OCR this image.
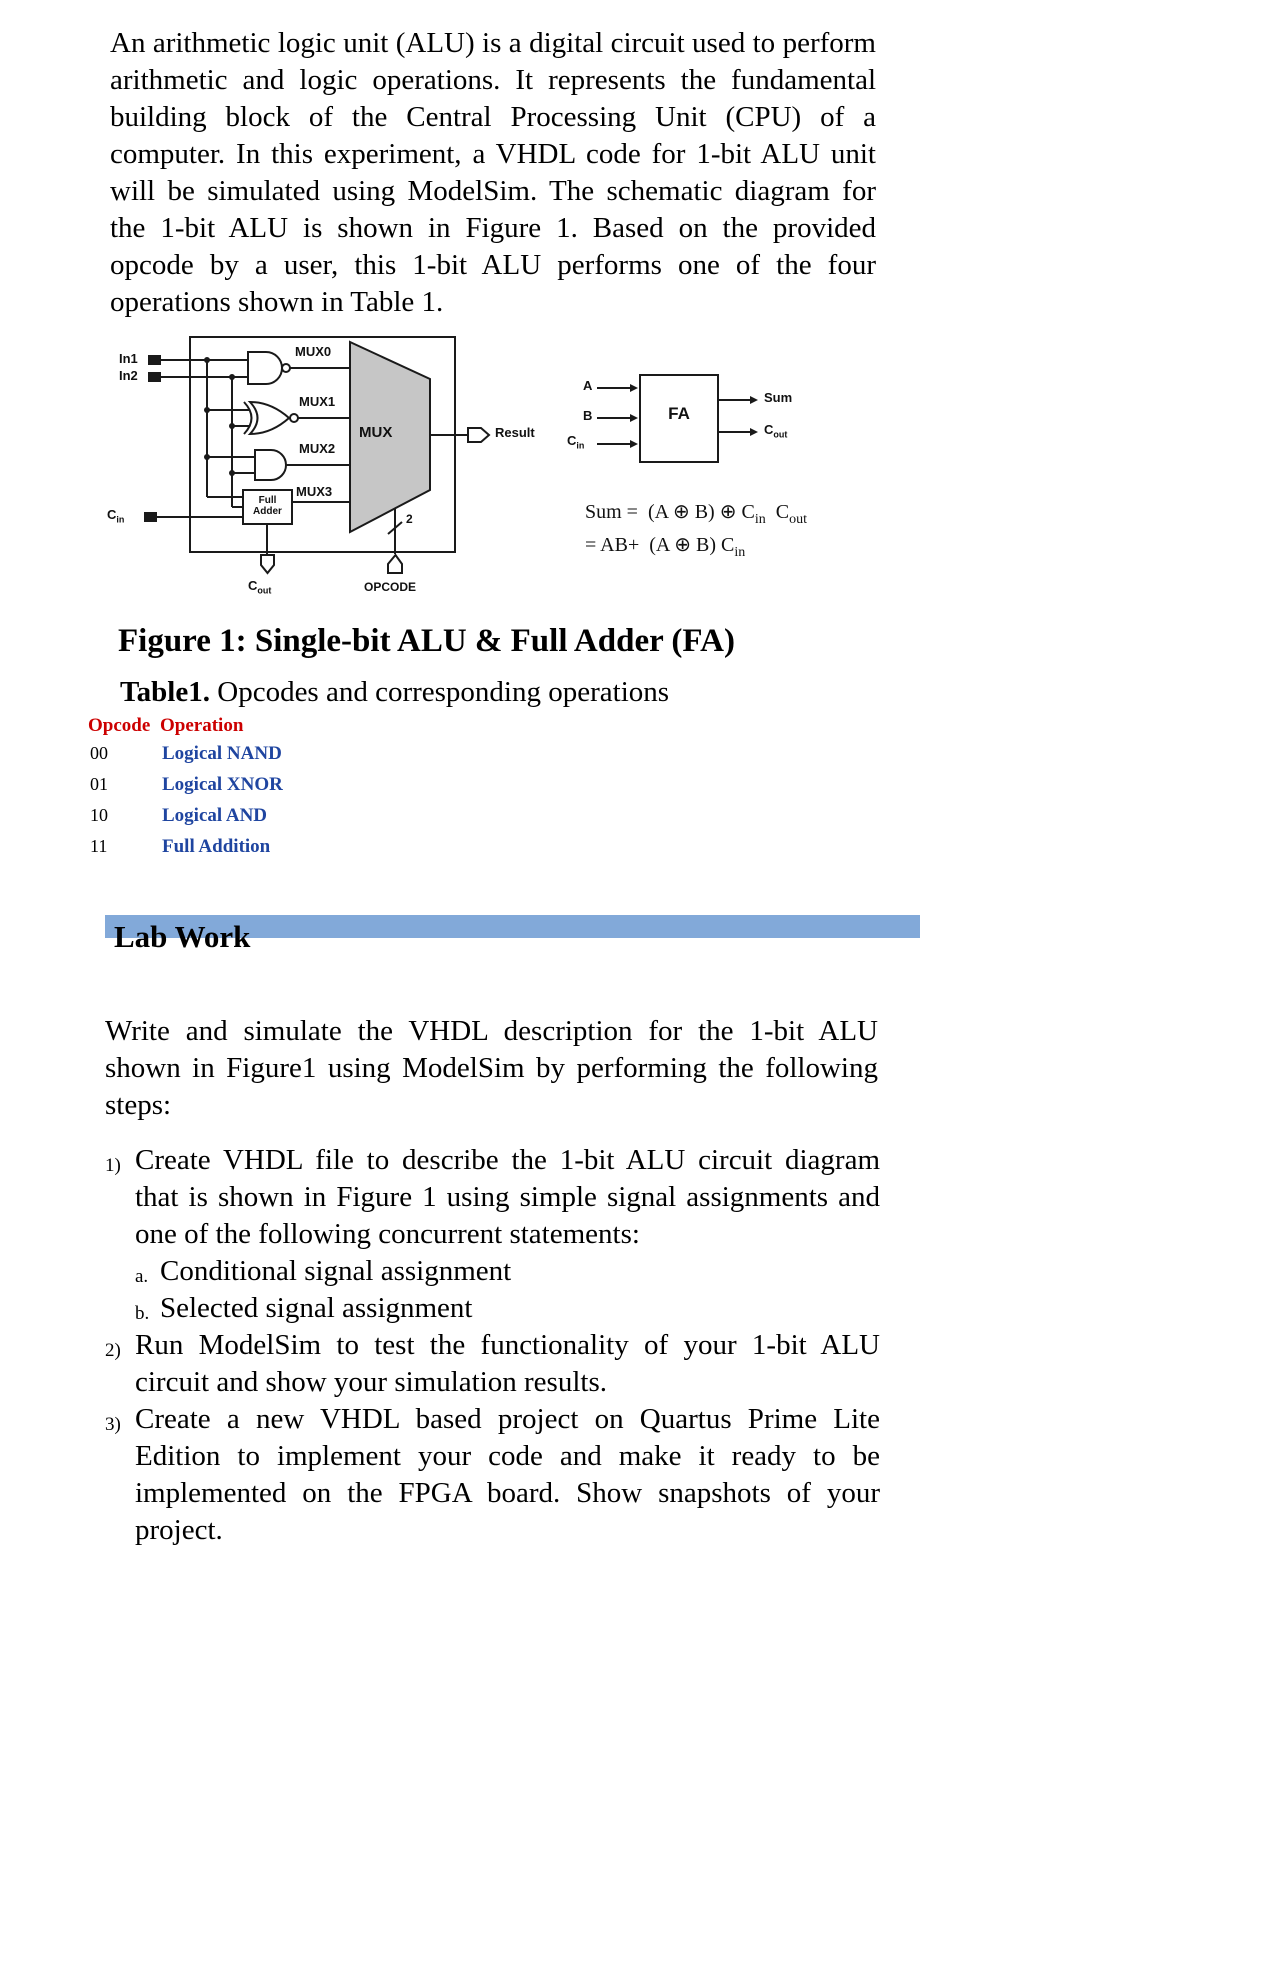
An arithmetic logic unit (ALU) is a digital circuit used to perform arithmetic and logic operations. It represents the fundamental building block of the Central Processing Unit (CPU) of a computer. In this experiment, a VHDL code for 1-bit ALU unit will be simulated using ModelSim. The schematic diagram for the 1-bit ALU is shown in Figure 1. Based on the provided opcode by a user, this 1-bit ALU performs one of the four operations shown in Table 1.

In1
In2
$C_{in}$
MUX0
MUX1
MUX2
MUX3
Full
Adder
MUX	Result
$C_{out}$	OPCODE
2
A
B
$C_{in}$
FA
Sum
$C_{out}$
Sum =  (A ⊕ B) ⊕ $C_{in}$  $C_{out}$
= AB+  (A ⊕ B) $C_{in}$
Figure 1: Single-bit ALU & Full Adder (FA)

Table1. Opcodes and corresponding operations

Opcode	Operation
00	Logical NAND
01	Logical XNOR
10	Logical AND
11	Full Addition
Lab Work

Write and simulate the VHDL description for the 1-bit ALU shown in Figure1 using ModelSim by performing the following steps:

1) Create VHDL file to describe the 1-bit ALU circuit diagram that is shown in Figure 1 using simple signal assignments and one of the following concurrent statements:
a. Conditional signal assignment
b. Selected signal assignment
2) Run ModelSim to test the functionality of your 1-bit ALU circuit and show your simulation results.
3) Create a new VHDL based project on Quartus Prime Lite Edition to implement your code and make it ready to be implemented on the FPGA board. Show snapshots of your project.
